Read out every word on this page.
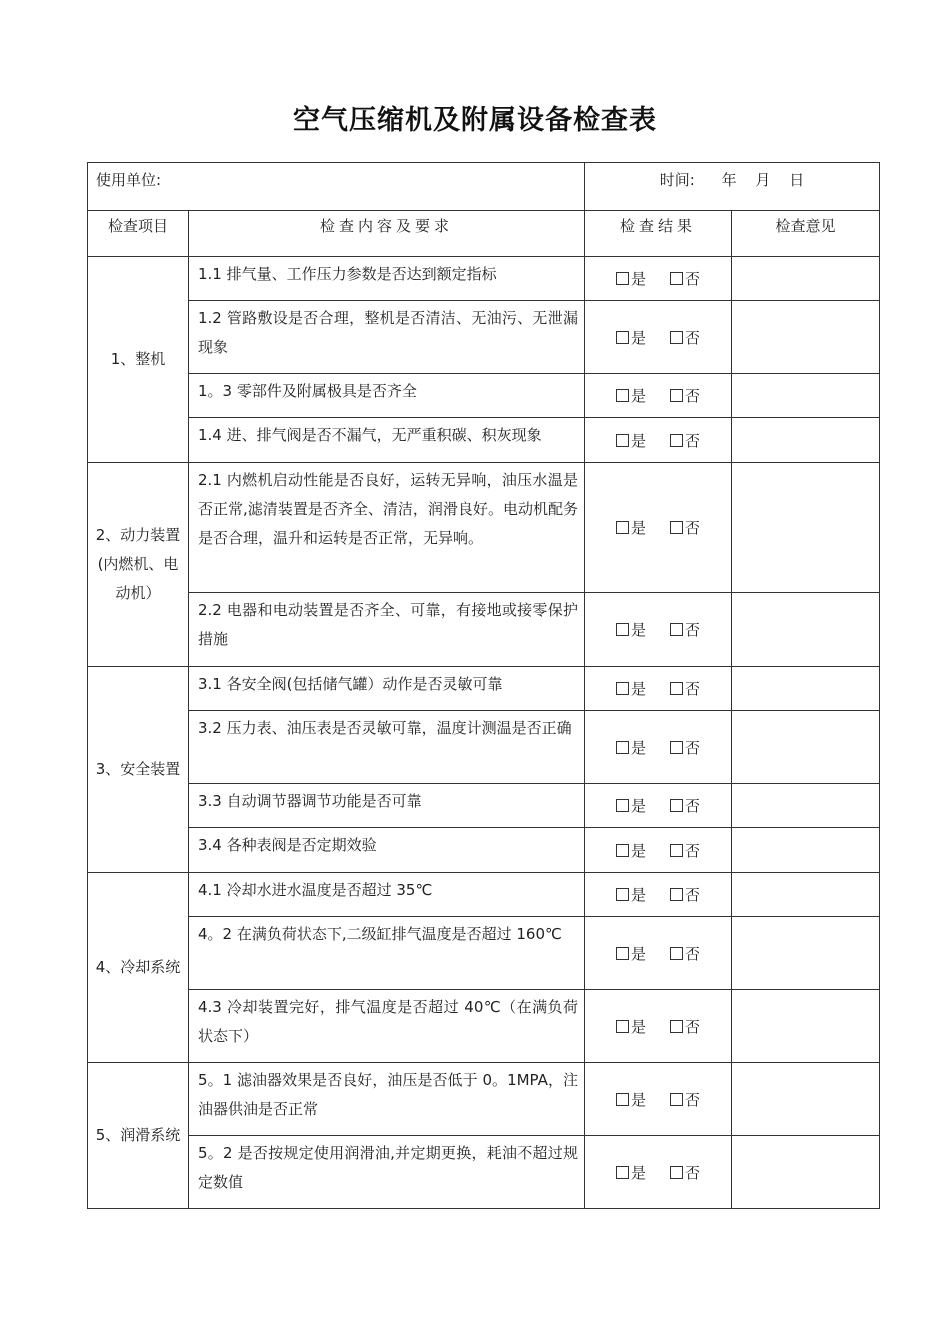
空气压缩机及附属设备检查表
使用单位:		时间: 年 月 日	
检查项目	检查内容及要求	检查结果	检查意见
1、整机	1.1 排气量、工作压力参数是否达到额定指标	是 否	
	1.2 管路敷设是否合理，整机是否清洁、无油污、无泄漏现象	是 否	
	1。3 零部件及附属极具是否齐全	是 否	
	1.4 进、排气阀是否不漏气，无严重积碳、积灰现象	是 否	
2、动力装置(内燃机、电动机）	2.1 内燃机启动性能是否良好，运转无异响，油压水温是否正常,滤清装置是否齐全、清洁，润滑良好。电动机配务是否合理，温升和运转是否正常，无异响。	是 否	
	2.2 电器和电动装置是否齐全、可靠，有接地或接零保护措施	是 否	
3、安全装置	3.1 各安全阀(包括储气罐）动作是否灵敏可靠	是 否	
	3.2 压力表、油压表是否灵敏可靠，温度计测温是否正确	是 否	
	3.3 自动调节器调节功能是否可靠	是 否	
	3.4 各种表阀是否定期效验	是 否	
4、冷却系统	4.1 冷却水进水温度是否超过 35℃	是 否	
	4。2 在满负荷状态下,二级缸排气温度是否超过 160℃	是 否	
	4.3 冷却装置完好，排气温度是否超过 40℃（在满负荷状态下）	是 否	
5、润滑系统	5。1 滤油器效果是否良好，油压是否低于 0。1MPA，注油器供油是否正常	是 否	
	5。2 是否按规定使用润滑油,并定期更换，耗油不超过规定数值	是 否	
